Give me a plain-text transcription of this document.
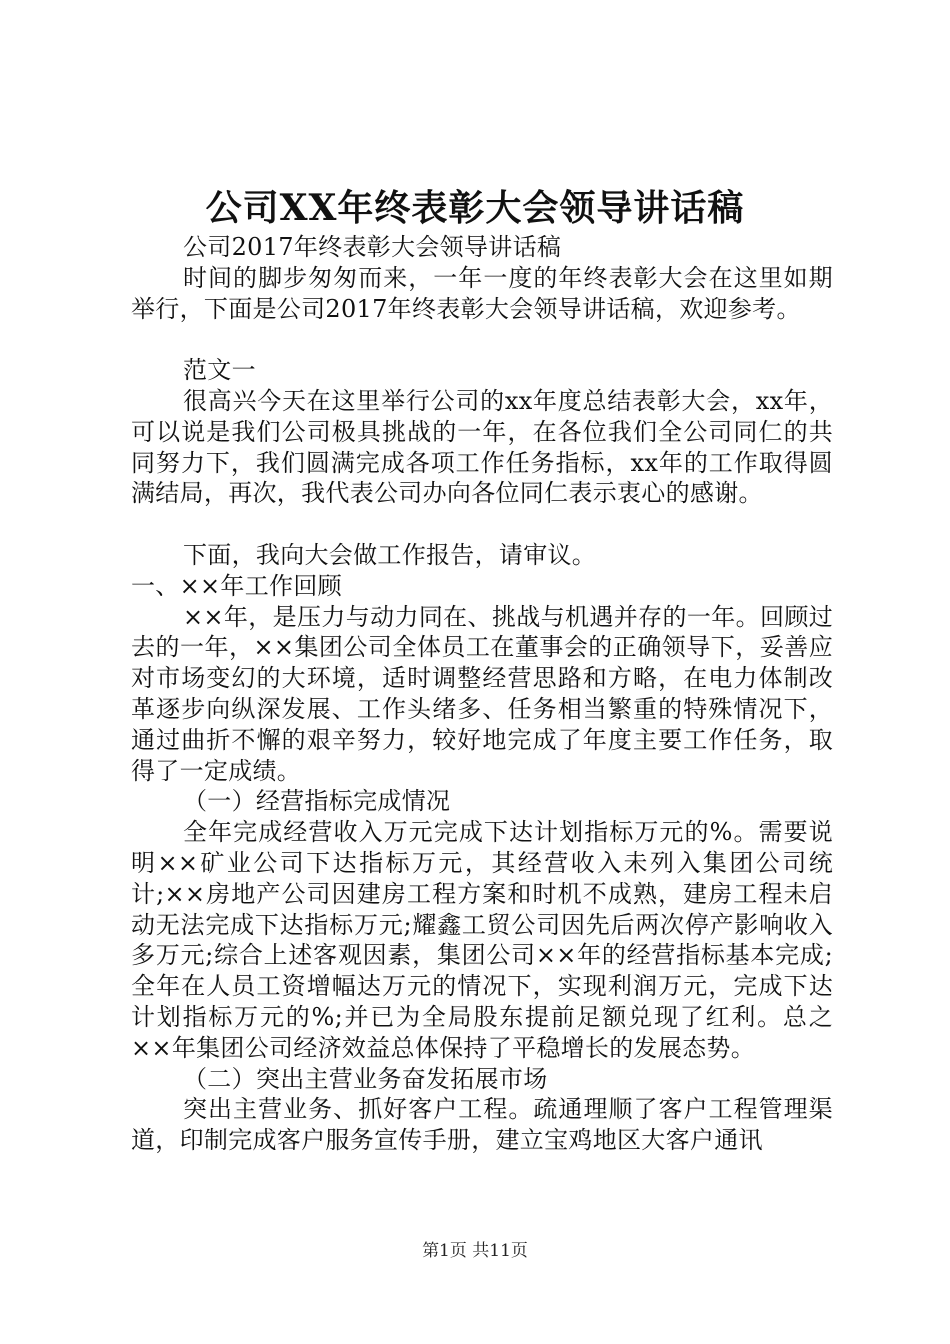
公司XX年终表彰大会领导讲话稿

公司2017年终表彰大会领导讲话稿

时间的脚步匆匆而来，一年一度的年终表彰大会在这里如期举行，下面是公司2017年终表彰大会领导讲话稿，欢迎参考。

范文一

很高兴今天在这里举行公司的xx年度总结表彰大会，xx年，可以说是我们公司极具挑战的一年，在各位我们全公司同仁的共同努力下，我们圆满完成各项工作任务指标，xx年的工作取得圆满结局，再次，我代表公司办向各位同仁表示衷心的感谢。

下面，我向大会做工作报告，请审议。

一、××年工作回顾

××年，是压力与动力同在、挑战与机遇并存的一年。回顾过去的一年，××集团公司全体员工在董事会的正确领导下，妥善应对市场变幻的大环境，适时调整经营思路和方略，在电力体制改革逐步向纵深发展、工作头绪多、任务相当繁重的特殊情况下，通过曲折不懈的艰辛努力，较好地完成了年度主要工作任务，取得了一定成绩。

（一）经营指标完成情况

全年完成经营收入万元完成下达计划指标万元的%。需要说明××矿业公司下达指标万元，其经营收入未列入集团公司统计;××房地产公司因建房工程方案和时机不成熟，建房工程未启动无法完成下达指标万元;耀鑫工贸公司因先后两次停产影响收入多万元;综合上述客观因素，集团公司××年的经营指标基本完成;全年在人员工资增幅达万元的情况下，实现利润万元，完成下达计划指标万元的%;并已为全局股东提前足额兑现了红利。总之××年集团公司经济效益总体保持了平稳增长的发展态势。

（二）突出主营业务奋发拓展市场

突出主营业务、抓好客户工程。疏通理顺了客户工程管理渠道，印制完成客户服务宣传手册，建立宝鸡地区大客户通讯

第1页 共11页
